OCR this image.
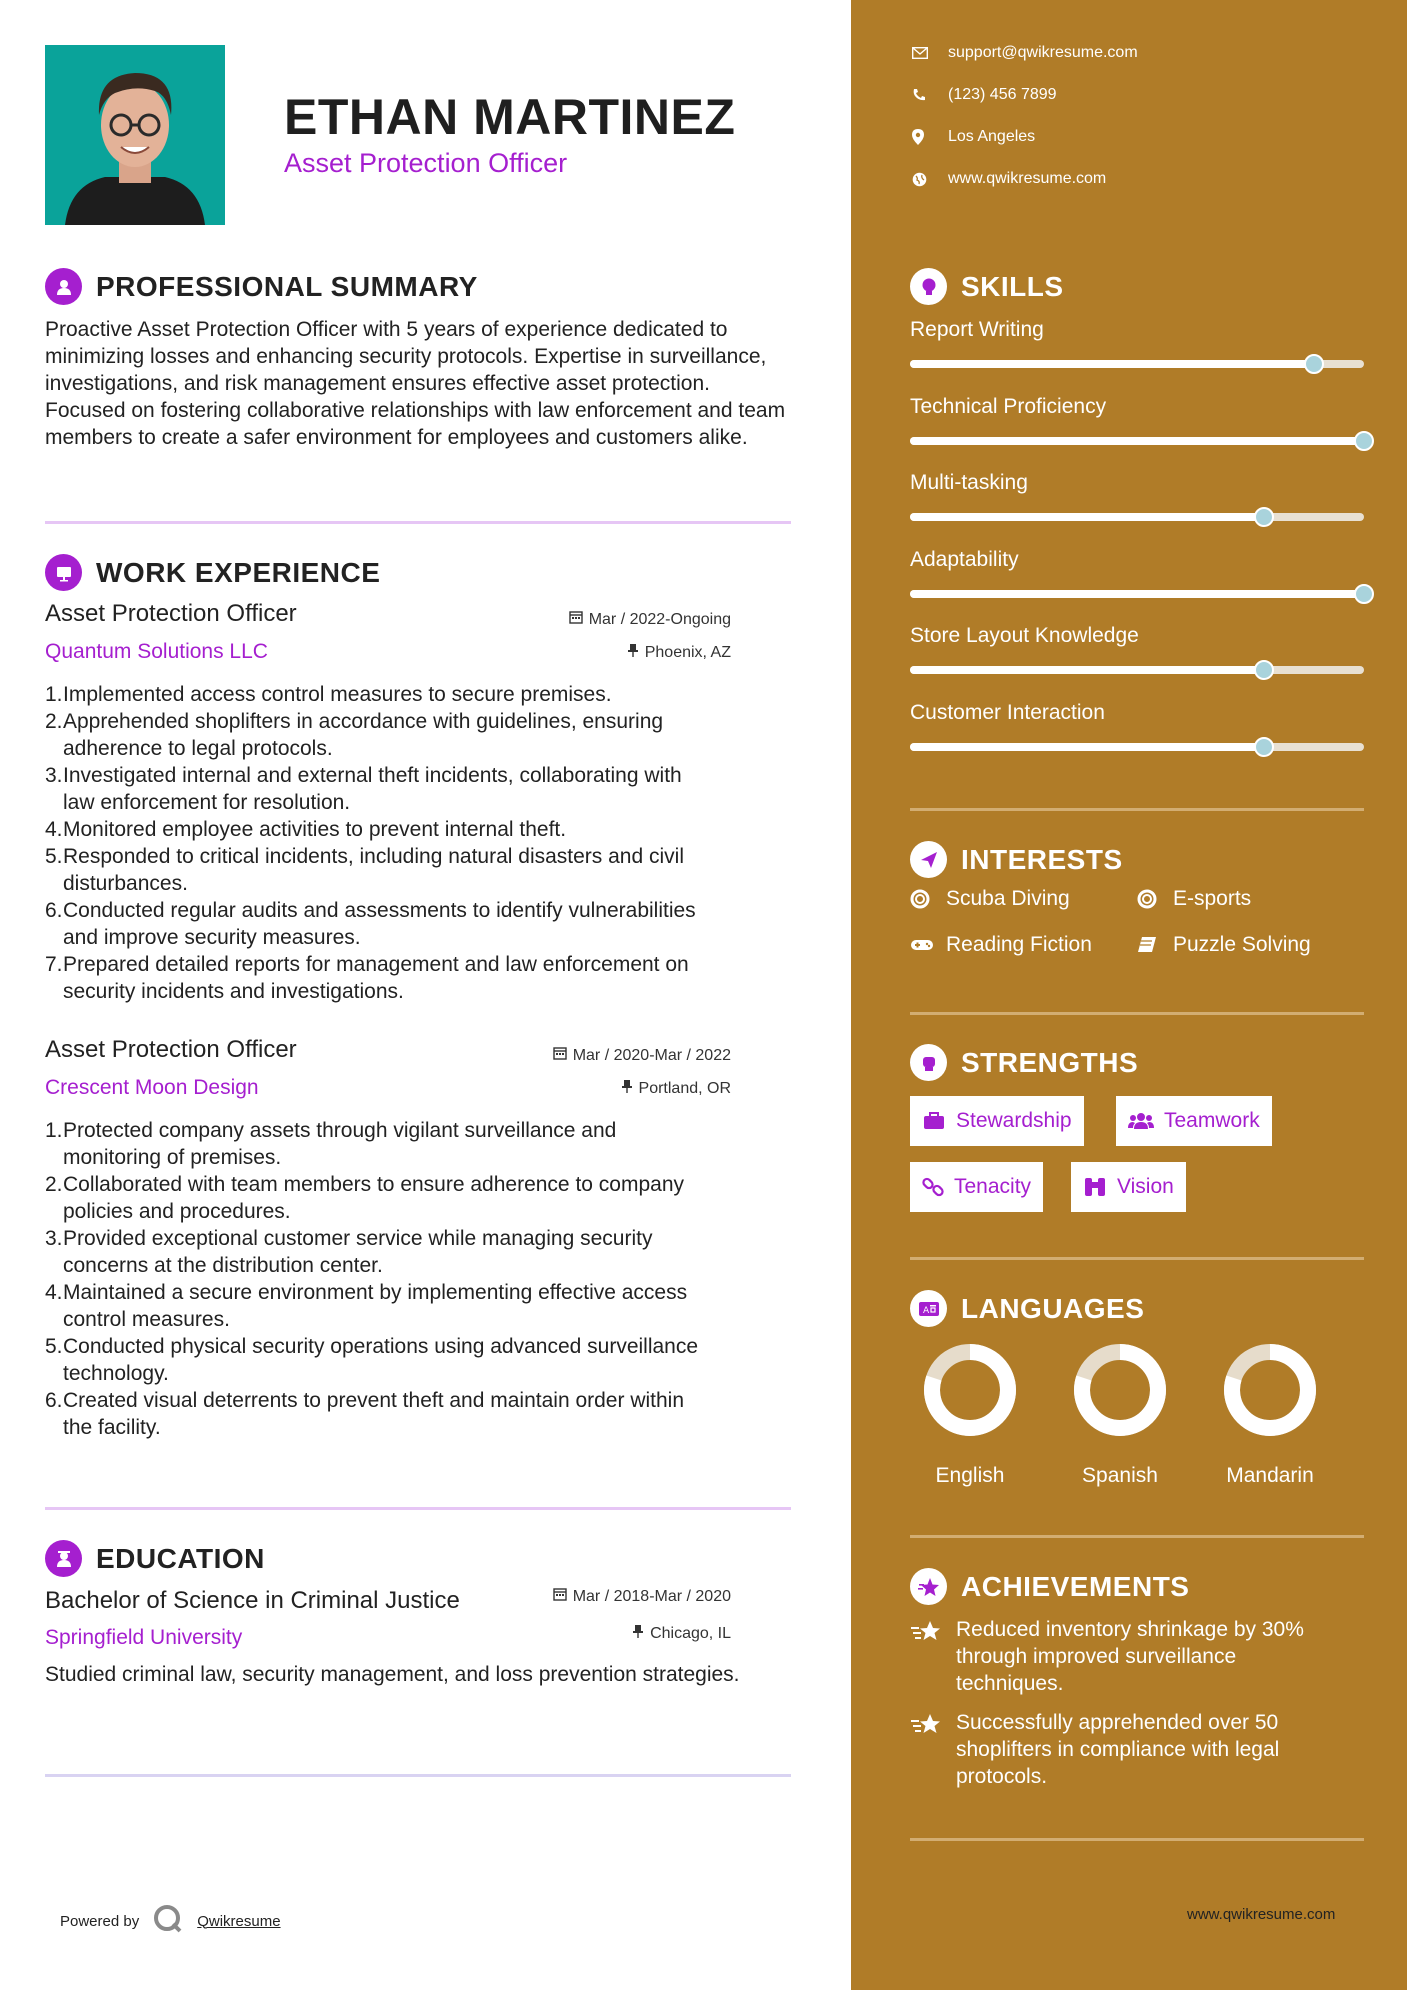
ETHAN MARTINEZ
Asset Protection Officer
PROFESSIONAL SUMMARY
Proactive Asset Protection Officer with 5 years of experience dedicated to minimizing losses and enhancing security protocols. Expertise in surveillance, investigations, and risk management ensures effective asset protection. Focused on fostering collaborative relationships with law enforcement and team members to create a safer environment for employees and customers alike.
WORK EXPERIENCE
Asset Protection Officer
Quantum Solutions LLC
Mar / 2022-Ongoing
Phoenix, AZ
1. Implemented access control measures to secure premises.
2. Apprehended shoplifters in accordance with guidelines, ensuring
adherence to legal protocols.
3. Investigated internal and external theft incidents, collaborating with
law enforcement for resolution.
4. Monitored employee activities to prevent internal theft.
5. Responded to critical incidents, including natural disasters and civil
disturbances.
6. Conducted regular audits and assessments to identify vulnerabilities
and improve security measures.
7. Prepared detailed reports for management and law enforcement on
security incidents and investigations.
Asset Protection Officer
Crescent Moon Design
Mar / 2020-Mar / 2022
Portland, OR
1. Protected company assets through vigilant surveillance and
monitoring of premises.
2. Collaborated with team members to ensure adherence to company
policies and procedures.
3. Provided exceptional customer service while managing security
concerns at the distribution center.
4. Maintained a secure environment by implementing effective access
control measures.
5. Conducted physical security operations using advanced surveillance
technology.
6. Created visual deterrents to prevent theft and maintain order within
the facility.
EDUCATION
Bachelor of Science in Criminal Justice
Springfield University
Mar / 2018-Mar / 2020
Chicago, IL
Studied criminal law, security management, and loss prevention strategies.
Powered by	Qwikresume
support@qwikresume.com
(123) 456 7899
Los Angeles
www.qwikresume.com
SKILLS
Report Writing
Technical Proficiency
Multi-tasking
Adaptability
Store Layout Knowledge
Customer Interaction
INTERESTS
Scuba Diving	E-sports
Reading Fiction	Puzzle Solving
STRENGTHS
Stewardship	Teamwork
Tenacity	Vision
A LANGUAGES
English	Spanish	Mandarin
ACHIEVEMENTS
Reduced inventory shrinkage by 30%
through improved surveillance
techniques.
Successfully apprehended over 50
shoplifters in compliance with legal
protocols.
www.qwikresume.com
